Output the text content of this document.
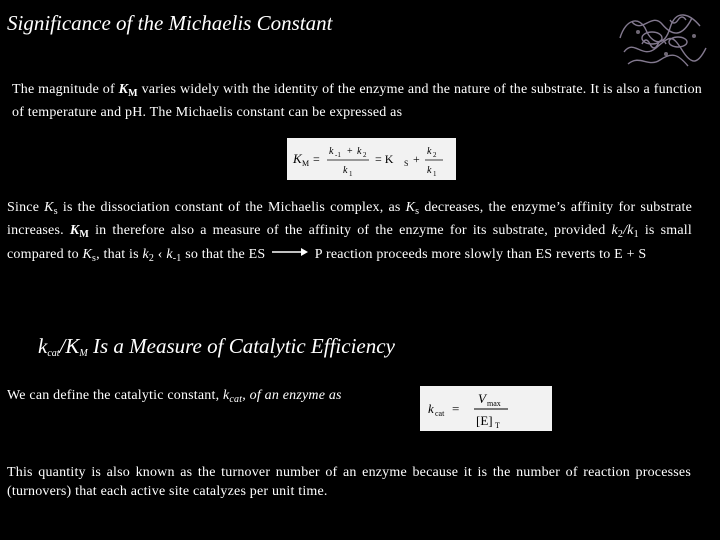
Significance of the Michaelis Constant
The magnitude of $K_M$ varies widely with the identity of the enzyme and the nature of the substrate. It is also a function of temperature and pH. The Michaelis constant can be expressed as
K M =
k -1 + k 2
k 1
= K S +
k 2
k 1
Since $K_s$ is the dissociation constant of the Michaelis complex, as $K_s$ decreases, the enzyme’s affinity for substrate increases. $K_M$ in therefore also a measure of the affinity of the enzyme for its substrate, provided $k_2/k_1$ is small compared to $K_s$, that is $k_2$ ‹ $k_{-1}$ so that the ES → P reaction proceeds more slowly than ES reverts to E + S
$k_{cat}/K_M$ Is a Measure of Catalytic Efficiency
We can define the catalytic constant, $k_{cat}$, of an enzyme as
k cat =
V max
[E] T
This quantity is also known as the turnover number of an enzyme because it is the number of reaction processes (turnovers) that each active site catalyzes per unit time.
